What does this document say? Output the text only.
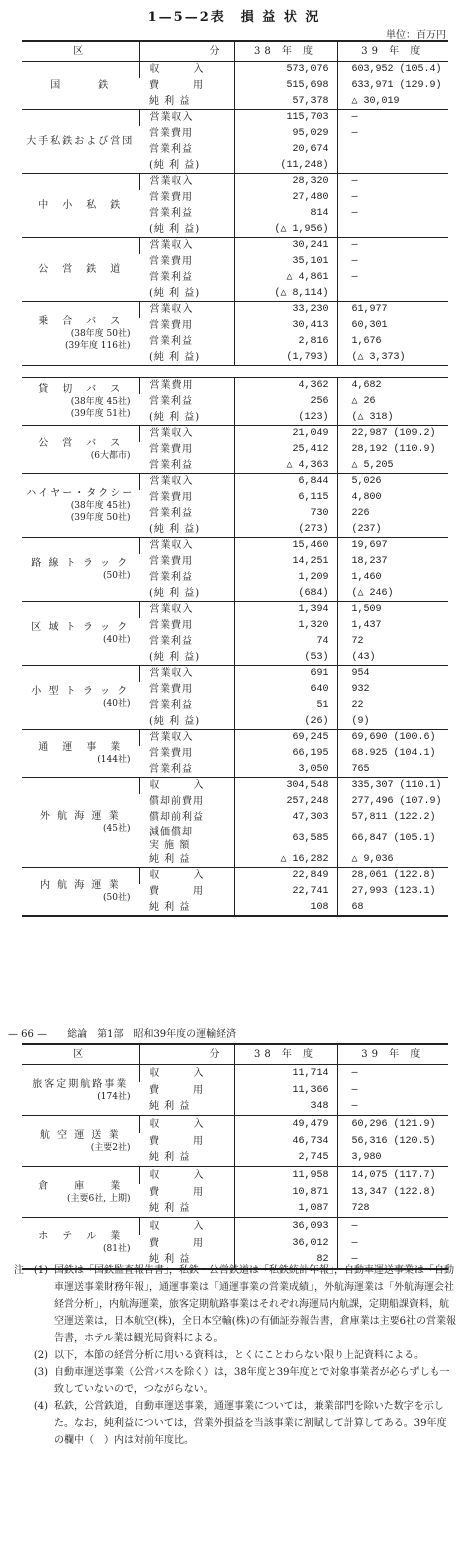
1—5—2表　損 益 状 況
単位：百万円
区	分	38 年 度	39 年 度
国　　　鉄	収　　　入	573,076	603,952 (105.4)
	費　　　用	515,698	633,971 (129.9)
	純 利 益	57,378	△ 30,019
大手私鉄および営団	営業収入	115,703	—
	営業費用	95,029	—
	営業利益	20,674	
	(純 利 益)	(11,248)	
中　小　私　鉄	営業収入	28,320	—
	営業費用	27,480	—
	営業利益	814	—
	(純 利 益)	(△ 1,956)	
公　営　鉄　道	営業収入	30,241	—
	営業費用	35,101	—
	営業利益	△ 4,861	—
	(純 利 益)	(△ 8,114)	
乗　合　バ　ス
(38年度 50社)
(39年度 116社)	営業収入	33,230	61,977
	営業費用	30,413	60,301
	営業利益	2,816	1,676
	(純 利 益)	(1,793)	(△ 3,373)

貸　切　バ　ス
(38年度 45社)
(39年度 51社)	営業費用	4,362	4,682
	営業利益	256	△ 26
	(純 利 益)	(123)	(△ 318)
公　営　バ　ス
(6大都市)	営業収入	21,049	22,987 (109.2)
	営業費用	25,412	28,192 (110.9)
	営業利益	△ 4,363	△ 5,205
ハイヤー・タクシー
(38年度 45社)
(39年度 50社)	営業収入	6,844	5,026
	営業費用	6,115	4,800
	営業利益	730	226
	(純 利 益)	(273)	(237)
路 線 ト ラ ッ ク
(50社)	営業収入	15,460	19,697
	営業費用	14,251	18,237
	営業利益	1,209	1,460
	(純 利 益)	(684)	(△ 246)
区 域 ト ラ ッ ク
(40社)	営業収入	1,394	1,509
	営業費用	1,320	1,437
	営業利益	74	72
	(純 利 益)	(53)	(43)
小 型 ト ラ ッ ク
(40社)	営業収入	691	954
	営業費用	640	932
	営業利益	51	22
	(純 利 益)	(26)	(9)
通　運　事　業
(144社)	営業収入	69,245	69,690 (100.6)
	営業費用	66,195	68.925 (104.1)
	営業利益	3,050	765
外 航 海 運 業
(45社)	収　　　入	304,548	335,307 (110.1)
	償却前費用	257,248	277,496 (107.9)
	償却前利益	47,303	57,811 (122.2)
	減価償却
実 施 額	63,585	66,847 (105.1)
	純 利 益	△ 16,282	△ 9,036
内 航 海 運 業
(50社)	収　　　入	22,849	28,061 (122.8)
	費　　　用	22,741	27,993 (123.1)
	純 利 益	108	68
— 66 —　　総論　第1部　昭和39年度の運輸経済
区	分	38 年 度	39 年 度
旅客定期航路事業
(174社)	収　　　入	11,714	—
	費　　　用	11,366	—
	純 利 益	348	—
航 空 運 送 業
(主要2社)	収　　　入	49,479	60,296 (121.9)
	費　　　用	46,734	56,316 (120.5)
	純 利 益	2,745	3,980
倉　　庫　　業
(主要6社, 上期)	収　　　入	11,958	14,075 (117.7)
	費　　　用	10,871	13,347 (122.8)
	純 利 益	1,087	728
ホ　テ　ル　業
(81社)	収　　　入	36,093	—
	費　　　用	36,012	—
	純 利 益	82	—
注　(1) 国鉄は「国鉄監査報告書」，私鉄・公営鉄道は「私鉄統計年報」，自動車運送事業は「自動車運送事業財務年報」，通運事業は「通運事業の営業成績」，外航海運業は「外航海運会社経営分析」，内航海運業，旅客定期航路事業はそれぞれ海運局内航課，定期船課資料，航空運送業は，日本航空(株)，全日本空輸(株)の有価証券報告書，倉庫業は主要6社の営業報告書，ホテル業は観光局資料による。
(2) 以下，本節の経営分析に用いる資料は，とくにことわらない限り上記資料による。
(3) 自動車運送事業（公営バスを除く）は，38年度と39年度とで対象事業者が必らずしも一致していないので，つながらない。
(4) 私鉄，公営鉄道，自動車運送事業，通運事業については，兼業部門を除いた数字を示した。なお，純利益については，営業外損益を当該事業に割賦して計算してある。39年度の欄中（　）内は対前年度比。
